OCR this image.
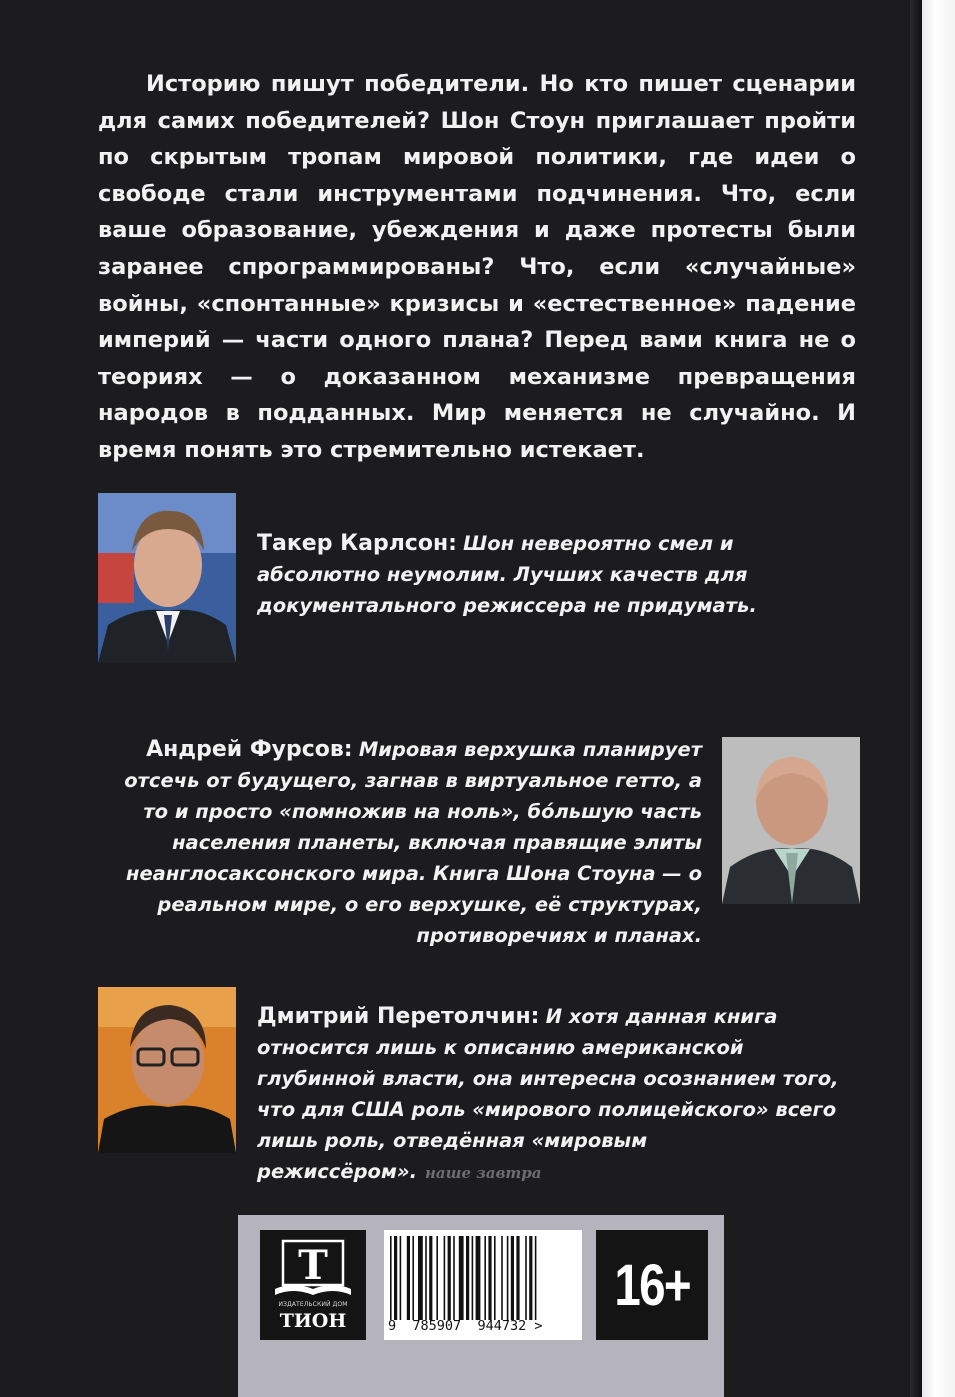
Историю пишут победители. Но кто пишет сценарии для самих победителей? Шон Стоун приглашает пройти по скрытым тропам мировой политики, где идеи о свободе стали инструментами подчинения. Что, если ваше образование, убеждения и даже протесты были заранее спрограммированы? Что, если «случайные» войны, «спонтанные» кризисы и «естественное» падение империй — части одного плана? Перед вами книга не о теориях — о доказанном механизме превращения народов в подданных. Мир меняется не случайно. И время понять это стремительно истекает.

Такер Карлсон: Шон невероятно смел и абсолютно неумолим. Лучших качеств для документального режиссера не придумать.

Андрей Фурсов: Мировая верхушка планирует отсечь от будущего, загнав в виртуальное гетто, а то и просто «помножив на ноль», бо́льшую часть населения планеты, включая правящие элиты неанглосаксонского мира. Книга Шона Стоуна — о реальном мире, о его верхушке, её структурах, противоречиях и планах.

Дмитрий Перетолчин: И хотя данная книга относится лишь к описанию американской глубинной власти, она интересна осознанием того, что для США роль «мирового полицейского» всего лишь роль, отведённая «мировым режиссёром». наше завтра

Т
ИЗДАТЕЛЬСКИЙ ДОМ
ТИОН	9 785907 944732 >
16+
